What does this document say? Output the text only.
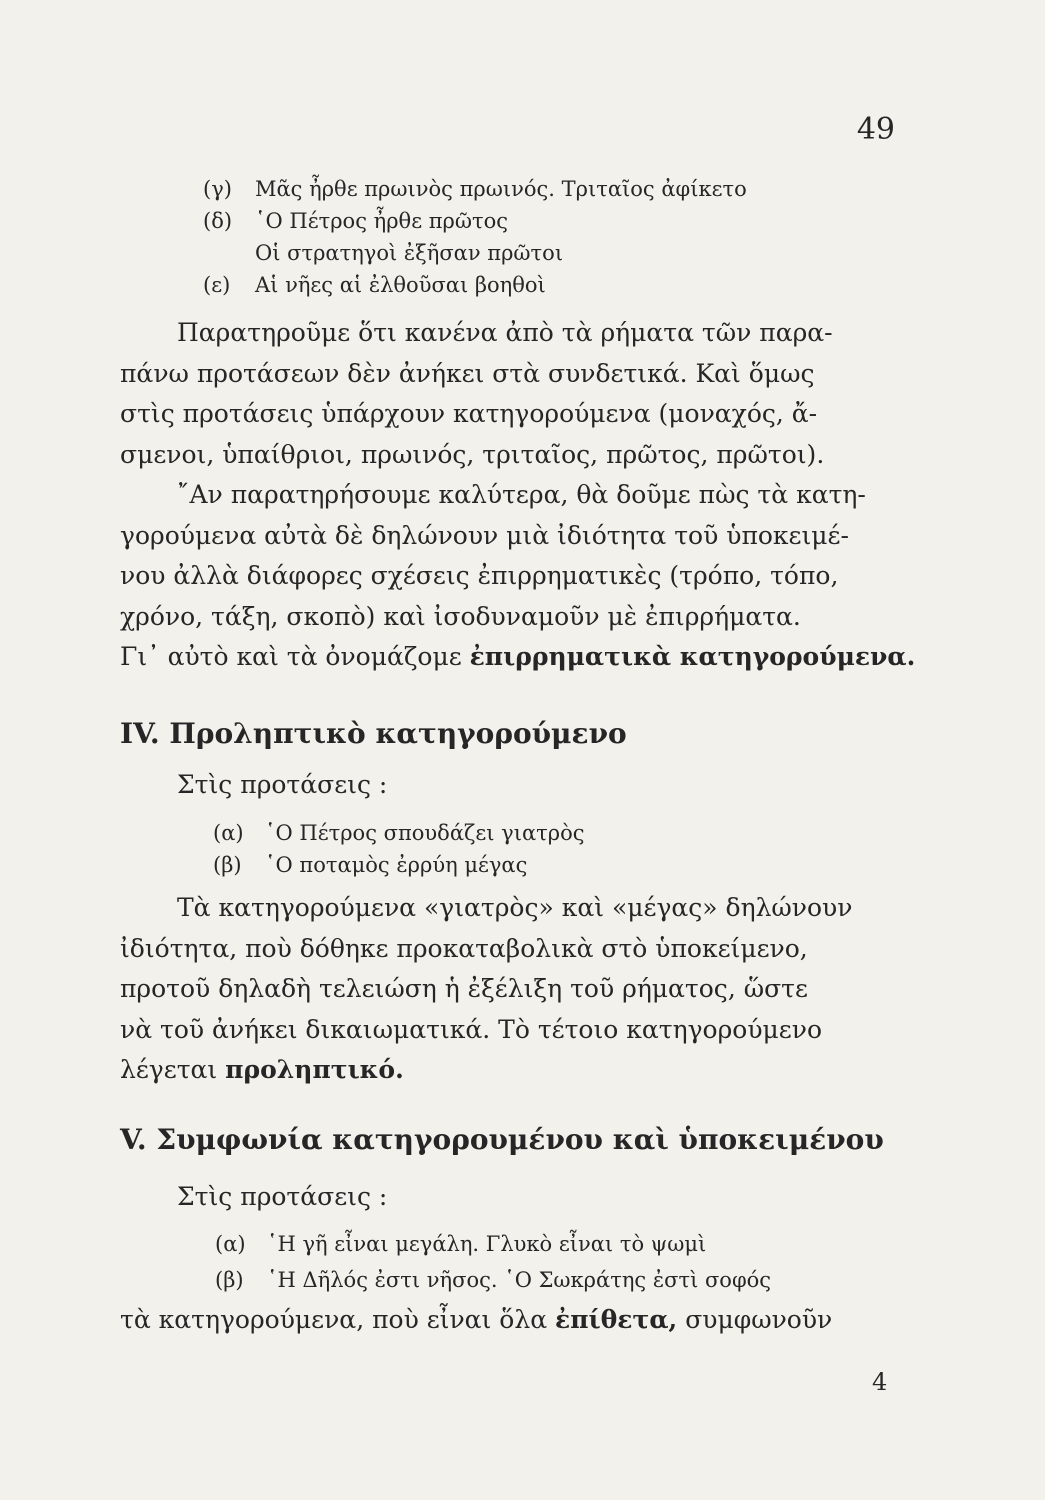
49
(γ) Μᾶς ἦρθε πρωινὸς πρωινός. Τριταῖος ἀφίκετο
(δ) ῾Ο Πέτρος ἦρθε πρῶτος
Οἱ στρατηγοὶ ἐξῆσαν πρῶτοι
(ε) Αἱ νῆες αἱ ἐλθοῦσαι βοηθοὶ
Παρατηροῦμε ὅτι κανένα ἀπὸ τὰ ρήματα τῶν παρα-
πάνω προτάσεων δὲν ἀνήκει στὰ συνδετικά. Καὶ ὅμως
στὶς προτάσεις ὑπάρχουν κατηγορούμενα (μοναχός, ἄ-
σμενοι, ὑπαίθριοι, πρωινός, τριταῖος, πρῶτος, πρῶτοι).
῎Αν παρατηρήσουμε καλύτερα, θὰ δοῦμε πὼς τὰ κατη-
γορούμενα αὐτὰ δὲ δηλώνουν μιὰ ἰδιότητα τοῦ ὑποκειμέ-
νου ἀλλὰ διάφορες σχέσεις ἐπιρρηματικὲς (τρόπο, τόπο,
χρόνο, τάξη, σκοπὸ) καὶ ἰσοδυναμοῦν μὲ ἐπιρρήματα.
Γι᾿ αὐτὸ καὶ τὰ ὀνομάζομε ἐπιρρηματικὰ κατηγορούμενα.
IV. Προληπτικὸ κατηγορούμενο
Στὶς προτάσεις :
(α) ῾Ο Πέτρος σπουδάζει γιατρὸς
(β) ῾Ο ποταμὸς ἐρρύη μέγας
Τὰ κατηγορούμενα «γιατρὸς» καὶ «μέγας» δηλώνουν
ἰδιότητα, ποὺ δόθηκε προκαταβολικὰ στὸ ὑποκείμενο,
προτοῦ δηλαδὴ τελειώση ἡ ἐξέλιξη τοῦ ρήματος, ὥστε
νὰ τοῦ ἀνήκει δικαιωματικά. Τὸ τέτοιο κατηγορούμενο
λέγεται προληπτικό.
V. Συμφωνία κατηγορουμένου καὶ ὑποκειμένου
Στὶς προτάσεις :
(α) ῾Η γῆ εἶναι μεγάλη. Γλυκὸ εἶναι τὸ ψωμὶ
(β) ῾Η Δῆλός ἐστι νῆσος. ῾Ο Σωκράτης ἐστὶ σοφός
τὰ κατηγορούμενα, ποὺ εἶναι ὅλα ἐπίθετα, συμφωνοῦν
4
